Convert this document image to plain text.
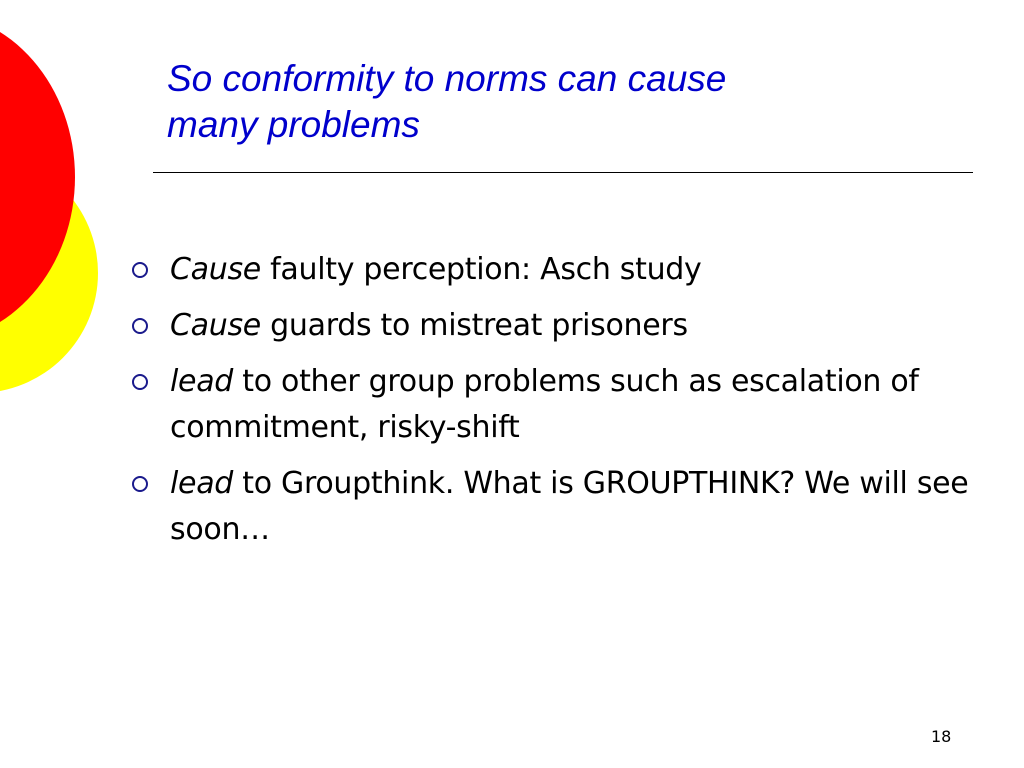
So conformity to norms can cause
many problems
Cause faulty perception: Asch study
Cause guards to mistreat prisoners
lead to other group problems such as escalation of commitment, risky-shift
lead to Groupthink. What is GROUPTHINK? We will see soon…
18
